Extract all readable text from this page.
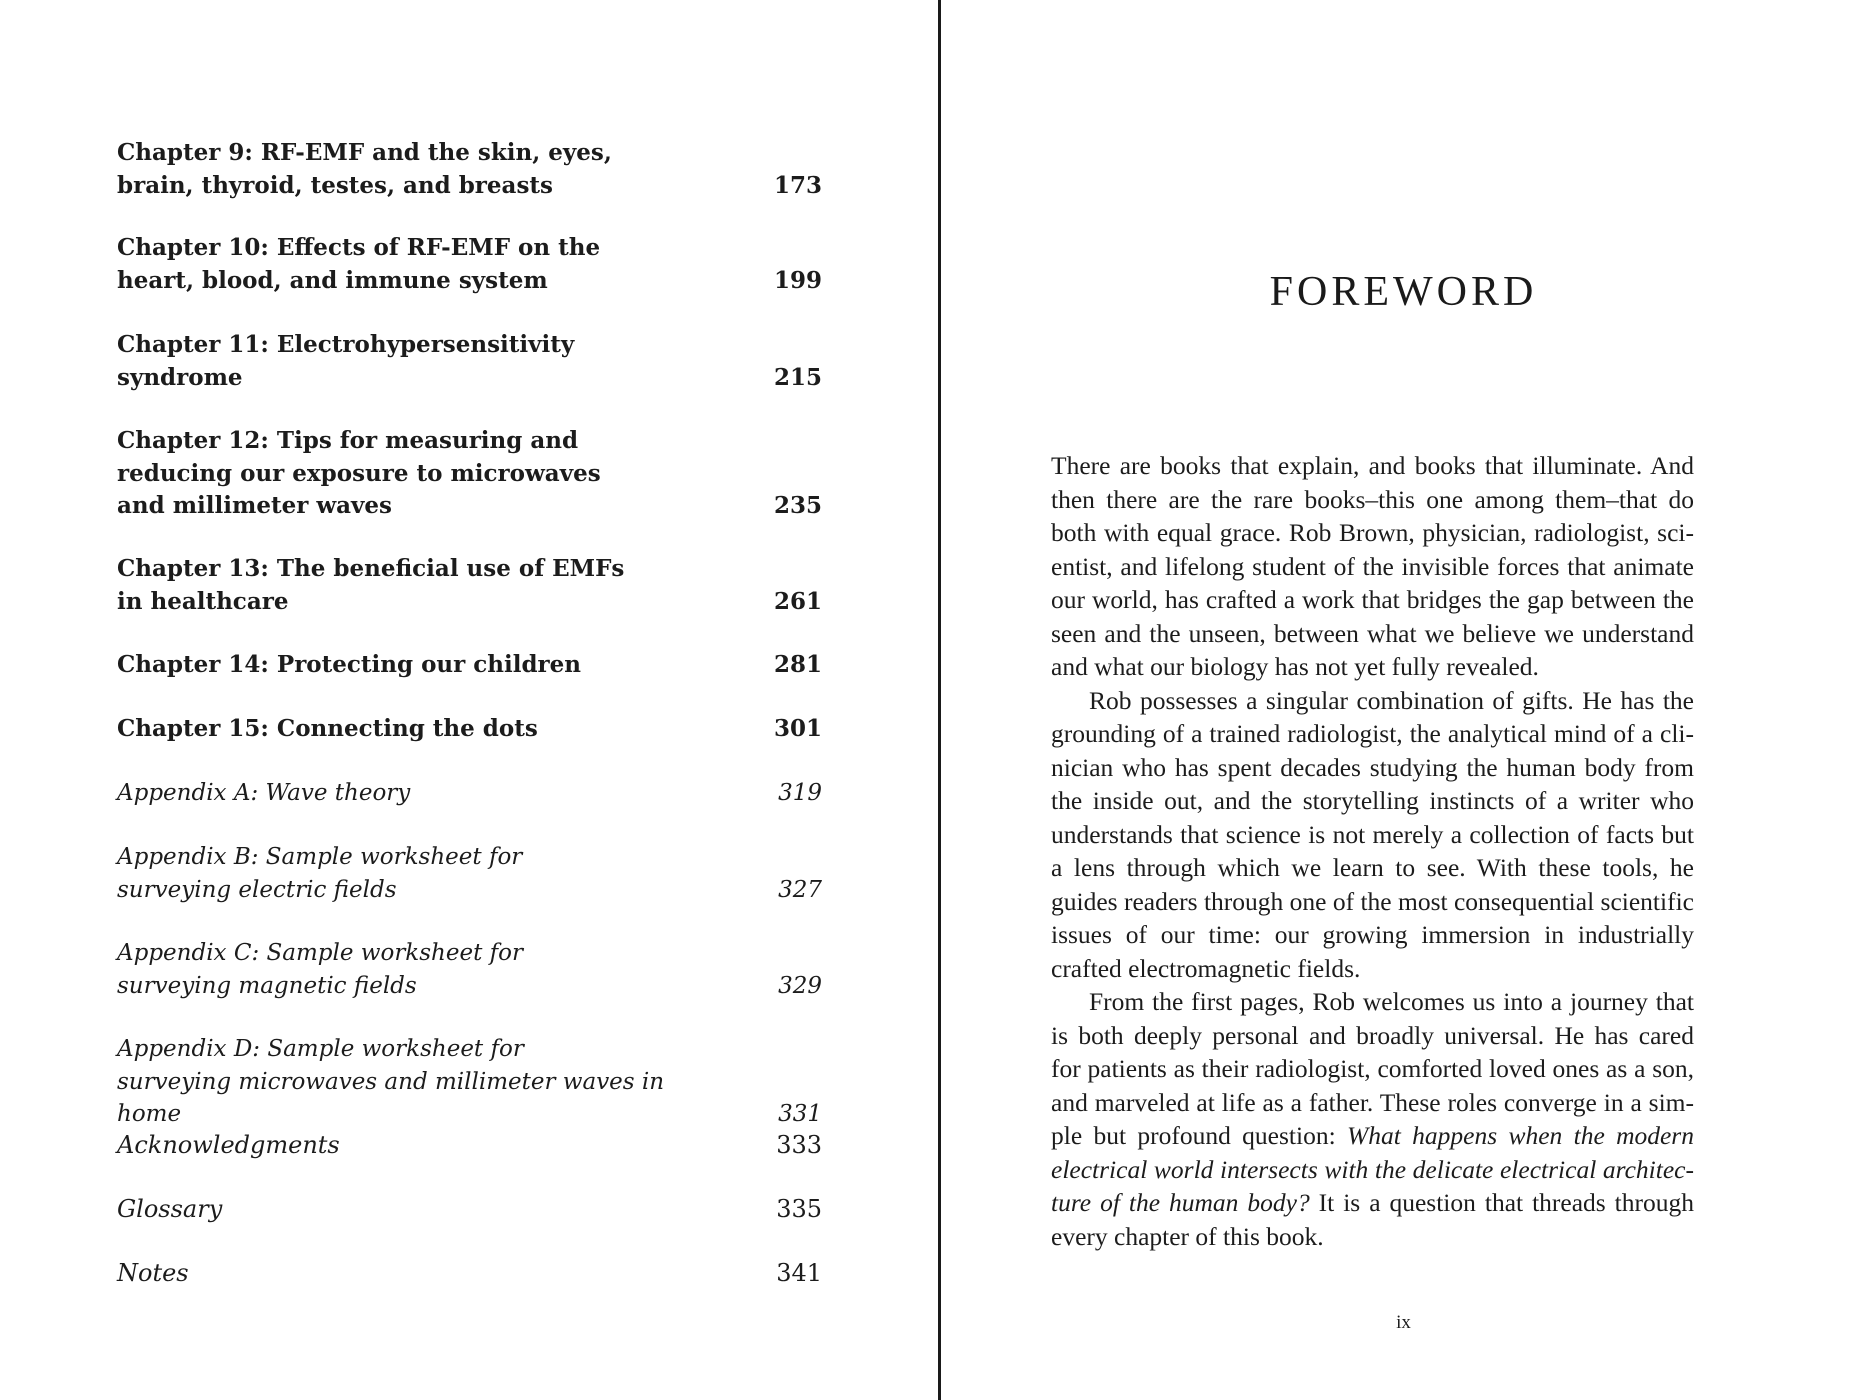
Chapter 9: RF-EMF and the skin, eyes,
brain, thyroid, testes, and breasts	173
Chapter 10: Effects of RF-EMF on the
heart, blood, and immune system	199
Chapter 11: Electrohypersensitivity
syndrome	215
Chapter 12: Tips for measuring and
reducing our exposure to microwaves
and millimeter waves	235
Chapter 13: The beneficial use of EMFs
in healthcare	261
Chapter 14: Protecting our children	281
Chapter 15: Connecting the dots	301
Appendix A: Wave theory	319
Appendix B: Sample worksheet for
surveying electric fields	327
Appendix C: Sample worksheet for
surveying magnetic fields	329
Appendix D: Sample worksheet for
surveying microwaves and millimeter waves in home	331
Acknowledgments	333
Glossary	335
Notes	341
FOREWORD

There are books that explain, and books that illuminate. And then there are the rare books–this one among them–that do both with equal grace. Rob Brown, physician, radiologist, scientist, and lifelong student of the invisible forces that animate our world, has crafted a work that bridges the gap between the seen and the unseen, between what we believe we understand and what our biology has not yet fully revealed.

Rob possesses a singular combination of gifts. He has the grounding of a trained radiologist, the analytical mind of a clinician who has spent decades studying the human body from the inside out, and the storytelling instincts of a writer who understands that science is not merely a collection of facts but a lens through which we learn to see. With these tools, he guides readers through one of the most consequential scientific issues of our time: our growing immersion in industrially crafted electromagnetic fields.

From the first pages, Rob welcomes us into a journey that is both deeply personal and broadly universal. He has cared for patients as their radiologist, comforted loved ones as a son, and marveled at life as a father. These roles converge in a simple but profound question: What happens when the modern electrical world intersects with the delicate electrical architecture of the human body? It is a question that threads through every chapter of this book.

ix
